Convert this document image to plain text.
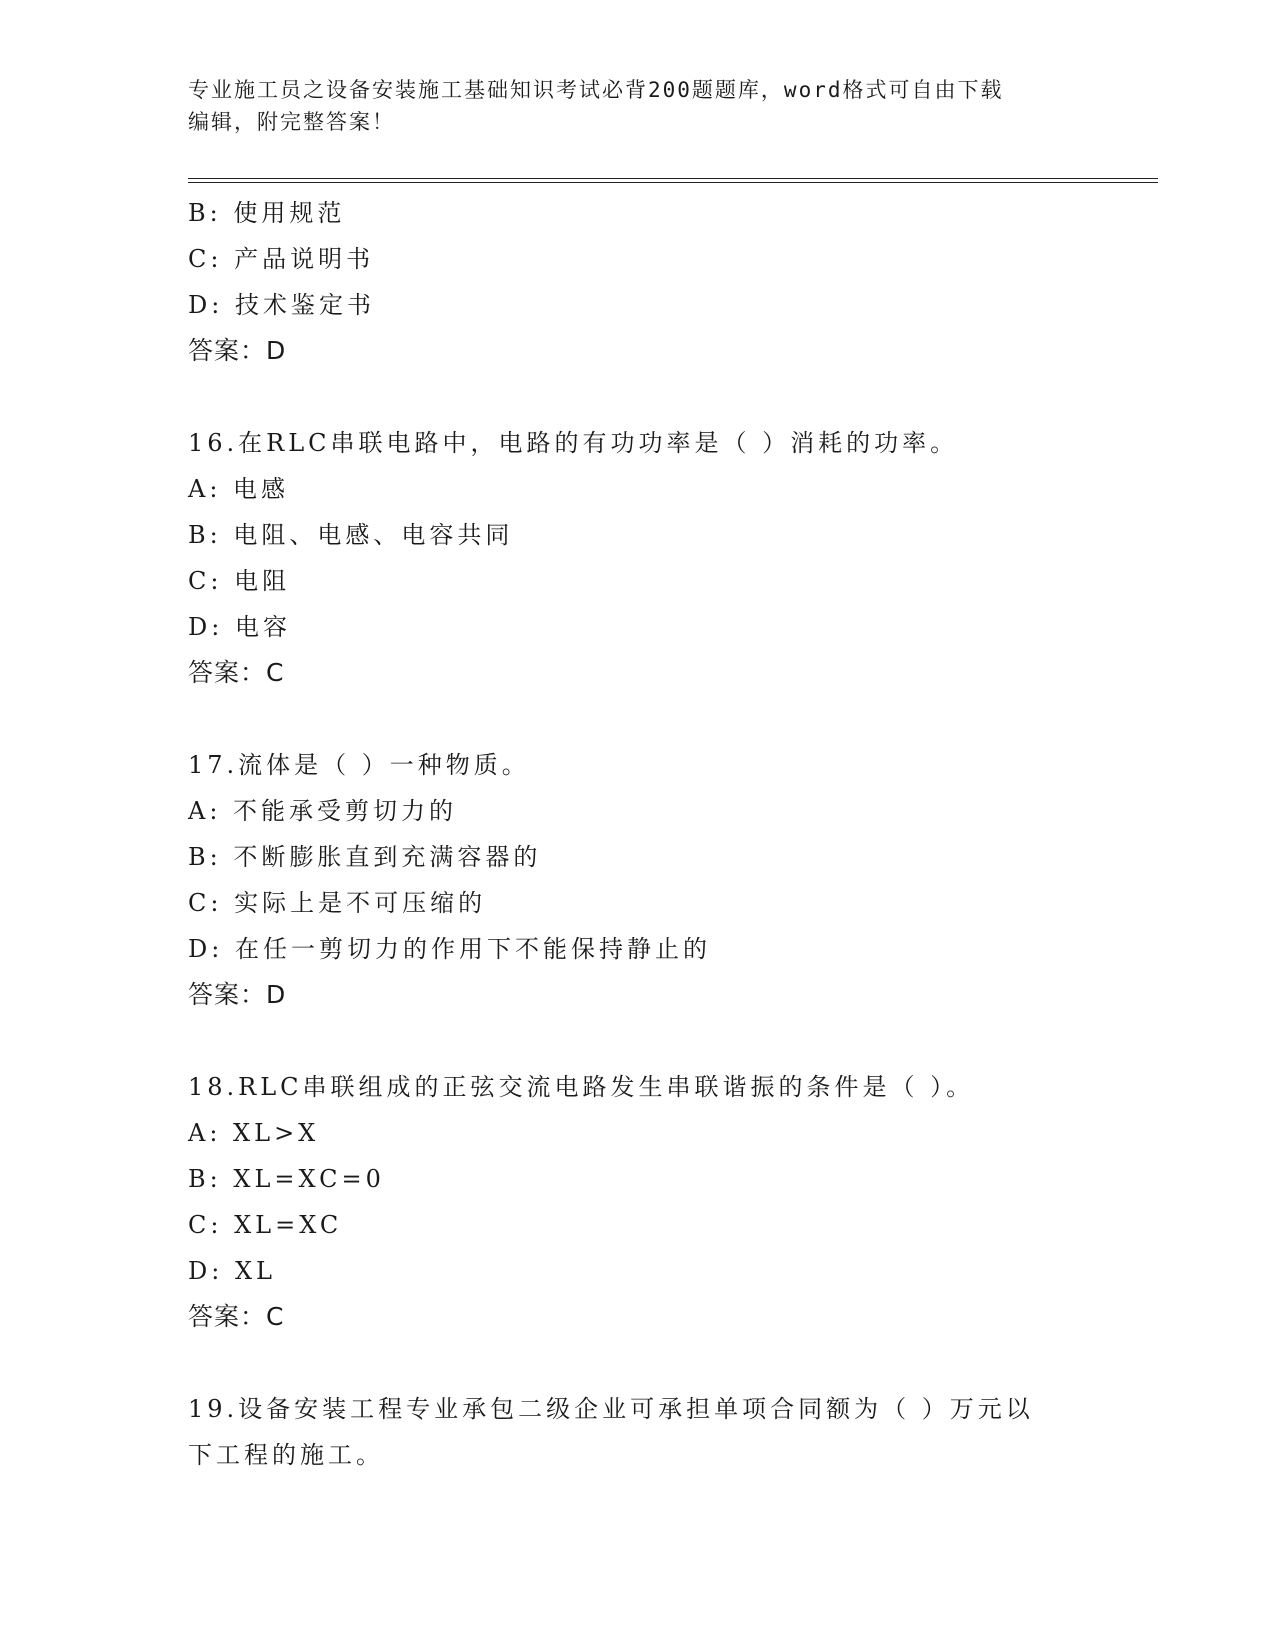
专业施工员之设备安装施工基础知识考试必背200题题库，word格式可自由下载
编辑，附完整答案！
B: 使用规范
C: 产品说明书
D: 技术鉴定书
答案：D
16.在RLC串联电路中，电路的有功功率是（ ）消耗的功率。
A: 电感
B: 电阻、电感、电容共同
C: 电阻
D: 电容
答案：C
17.流体是（ ）一种物质。
A: 不能承受剪切力的
B: 不断膨胀直到充满容器的
C: 实际上是不可压缩的
D: 在任一剪切力的作用下不能保持静止的
答案：D
18.RLC串联组成的正弦交流电路发生串联谐振的条件是（ ）。
A: XL>X
B: XL=XC=0
C: XL=XC
D: XL
答案：C
19.设备安装工程专业承包二级企业可承担单项合同额为（ ）万元以
下工程的施工。
